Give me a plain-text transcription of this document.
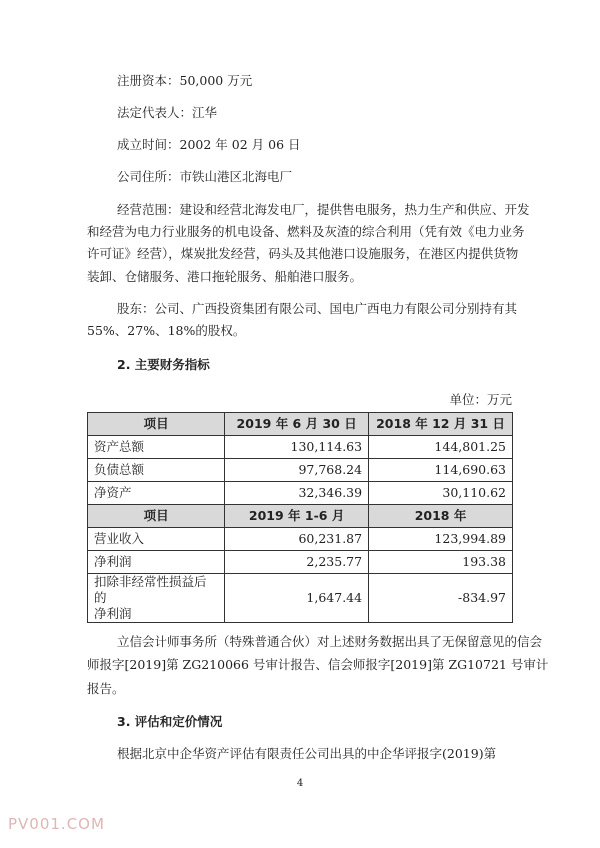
注册资本：50,000 万元
法定代表人：江华
成立时间：2002 年 02 月 06 日
公司住所：市铁山港区北海电厂
经营范围：建设和经营北海发电厂，提供售电服务，热力生产和供应、开发
和经营为电力行业服务的机电设备、燃料及灰渣的综合利用（凭有效《电力业务
许可证》经营），煤炭批发经营，码头及其他港口设施服务，在港区内提供货物
装卸、仓储服务、港口拖轮服务、船舶港口服务。
股东：公司、广西投资集团有限公司、国电广西电力有限公司分别持有其
55%、27%、18%的股权。
2. 主要财务指标
单位：万元
项目	2019 年 6 月 30 日	2018 年 12 月 31 日
资产总额	130,114.63	144,801.25
负债总额	97,768.24	114,690.63
净资产	32,346.39	30,110.62
项目	2019 年 1-6 月	2018 年
营业收入	60,231.87	123,994.89
净利润	2,235.77	193.38

扣除非经常性损益后的
净利润	1,647.44	-834.97
立信会计师事务所（特殊普通合伙）对上述财务数据出具了无保留意见的信会
师报字[2019]第 ZG210066 号审计报告、信会师报字[2019]第 ZG10721 号审计
报告。
3. 评估和定价情况
根据北京中企华资产评估有限责任公司出具的中企华评报字(2019)第
4
PV001.COM
